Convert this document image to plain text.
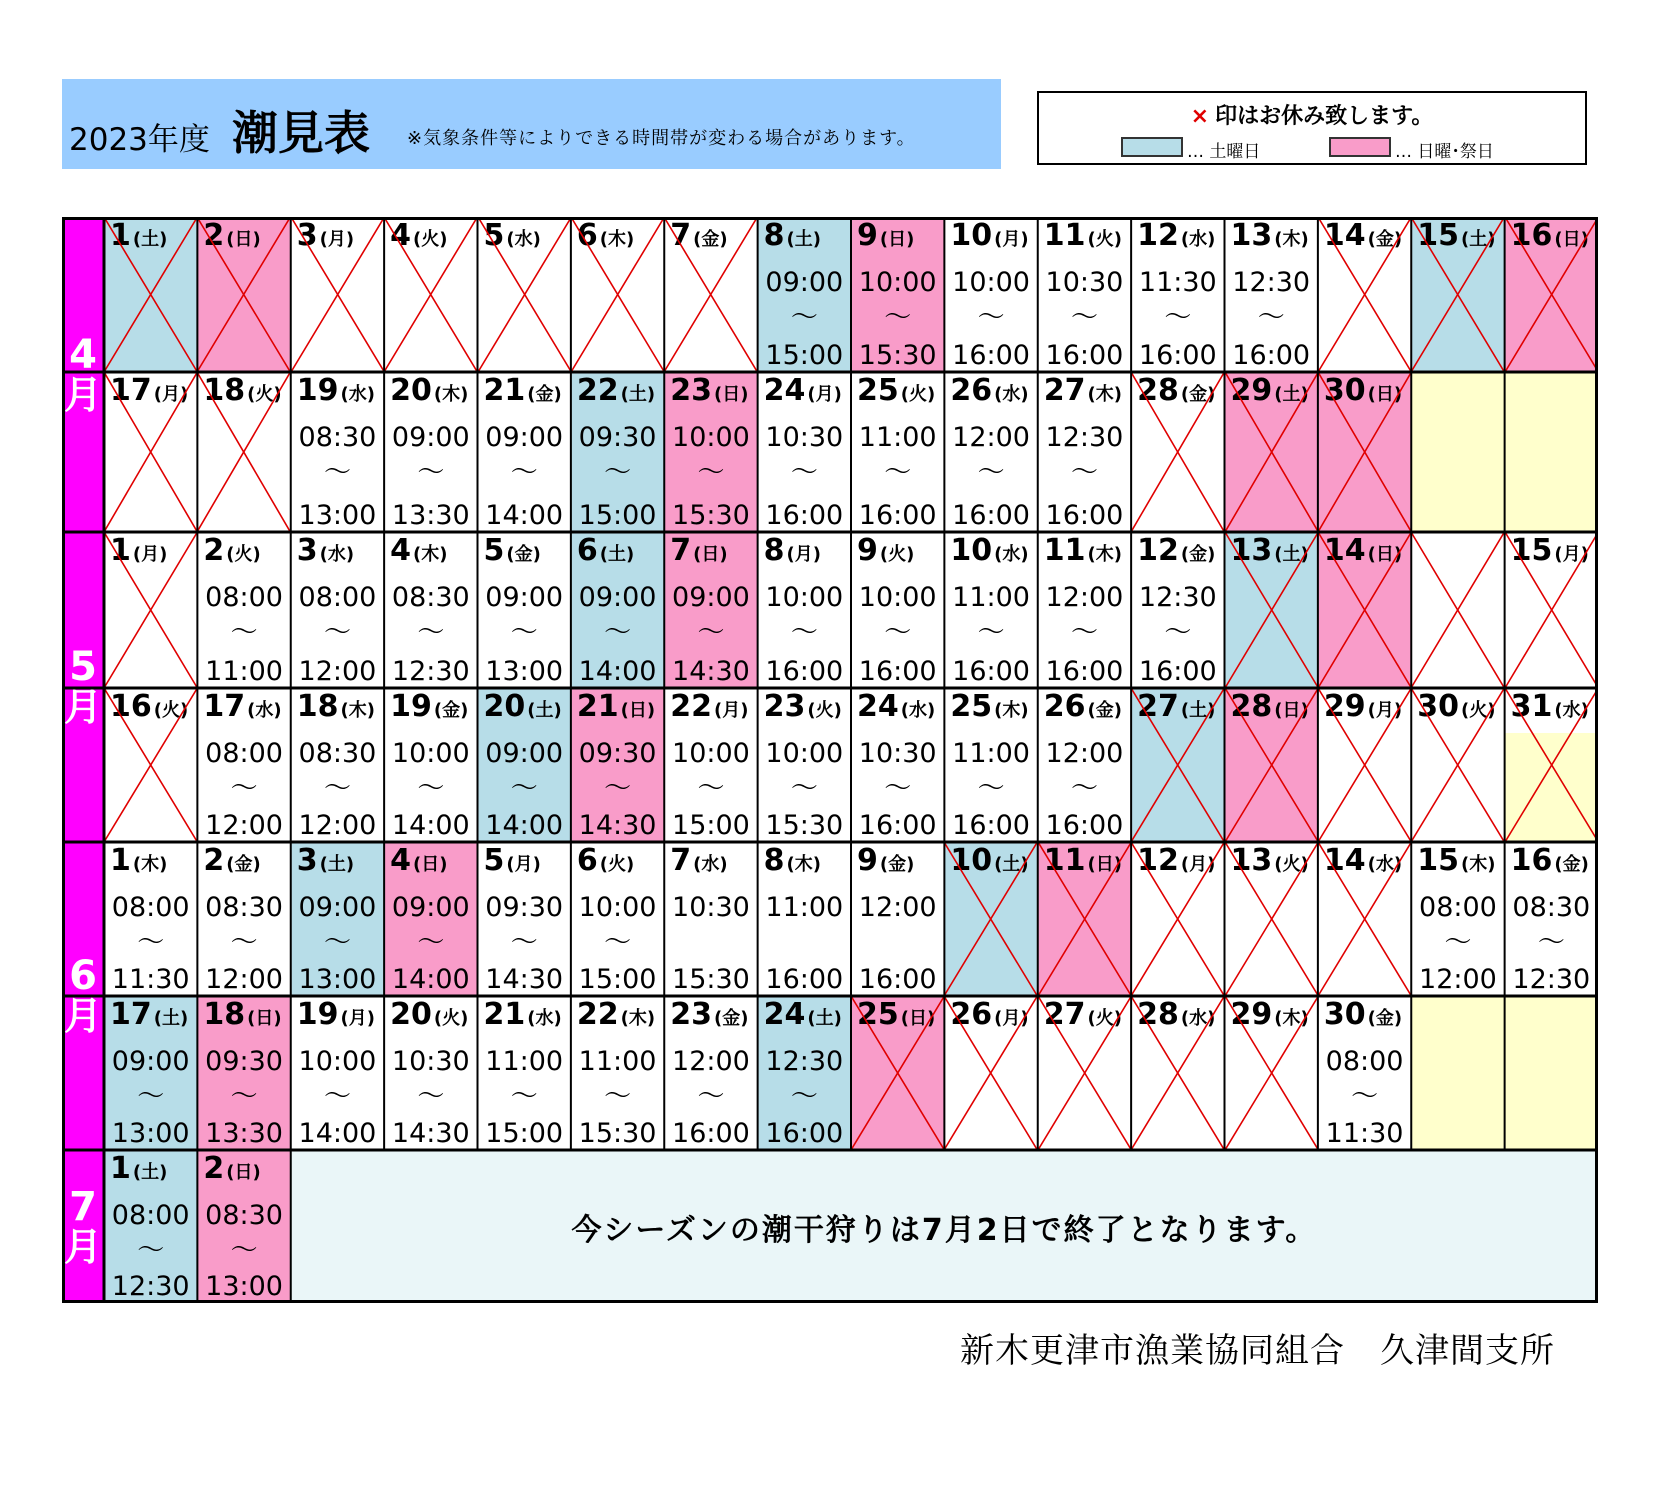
2023年度 潮見表 ※気象条件等によりできる時間帯が変わる場合があります。
× 印はお休み致します。
… 土曜日	… 日曜･祭日
4
月
5
月
6
月
7
月
1 (土) 2 (日) 3 (月) 4 (火) 5 (水) 6 (木) 7 (金) 8 (土)
09:00
〜
15:00
9 (日)
10:00
〜
15:30
10 (月)
10:00
〜
16:00
11 (火)
10:30
〜
16:00
12 (水)
11:30
〜
16:00
13 (木)
12:30
〜
16:00
14 (金) 15 (土) 16 (日)
17 (月) 18 (火) 19 (水)
08:30
〜
13:00
20 (木)
09:00
〜
13:30
21 (金)
09:00
〜
14:00
22 (土)
09:30
〜
15:00
23 (日)
10:00
〜
15:30
24 (月)
10:30
〜
16:00
25 (火)
11:00
〜
16:00
26 (水)
12:00
〜
16:00
27 (木)
12:30
〜
16:00
28 (金) 29 (土) 30 (日)
1 (月) 2 (火)
08:00
〜
11:00
3 (水)
08:00
〜
12:00
4 (木)
08:30
〜
12:30
5 (金)
09:00
〜
13:00
6 (土)
09:00
〜
14:00
7 (日)
09:00
〜
14:30
8 (月)
10:00
〜
16:00
9 (火)
10:00
〜
16:00
10 (水)
11:00
〜
16:00
11 (木)
12:00
〜
16:00
12 (金)
12:30
〜
16:00
13 (土) 14 (日)	15 (月)
16 (火) 17 (水)
08:00
〜
12:00
18 (木)
08:30
〜
12:00
19 (金)
10:00
〜
14:00
20 (土)
09:00
〜
14:00
21 (日)
09:30
〜
14:30
22 (月)
10:00
〜
15:00
23 (火)
10:00
〜
15:30
24 (水)
10:30
〜
16:00
25 (木)
11:00
〜
16:00
26 (金)
12:00
〜
16:00
27 (土) 28 (日) 29 (月) 30 (火) 31 (水)
1 (木)
08:00
〜
11:30
2 (金)
08:30
〜
12:00
3 (土)
09:00
〜
13:00
4 (日)
09:00
〜
14:00
5 (月)
09:30
〜
14:30
6 (火)
10:00
〜
15:00
7 (水)
10:30
15:30
8 (木)
11:00
16:00
9 (金)
12:00
16:00
10 (土) 11 (日) 12 (月) 13 (火) 14 (水) 15 (木)
08:00
〜
12:00
16 (金)
08:30
〜
12:30
17 (土)
09:00
〜
13:00
18 (日)
09:30
〜
13:30
19 (月)
10:00
〜
14:00
20 (火)
10:30
〜
14:30
21 (水)
11:00
〜
15:00
22 (木)
11:00
〜
15:30
23 (金)
12:00
〜
16:00
24 (土)
12:30
〜
16:00
25 (日) 26 (月) 27 (火) 28 (水) 29 (木) 30 (金)
08:00
〜
11:30
1 (土)
08:00
〜
12:30
2 (日)
08:30
〜
13:00
今シーズンの潮干狩りは7月2日で終了となります。
新木更津市漁業協同組合　久津間支所
